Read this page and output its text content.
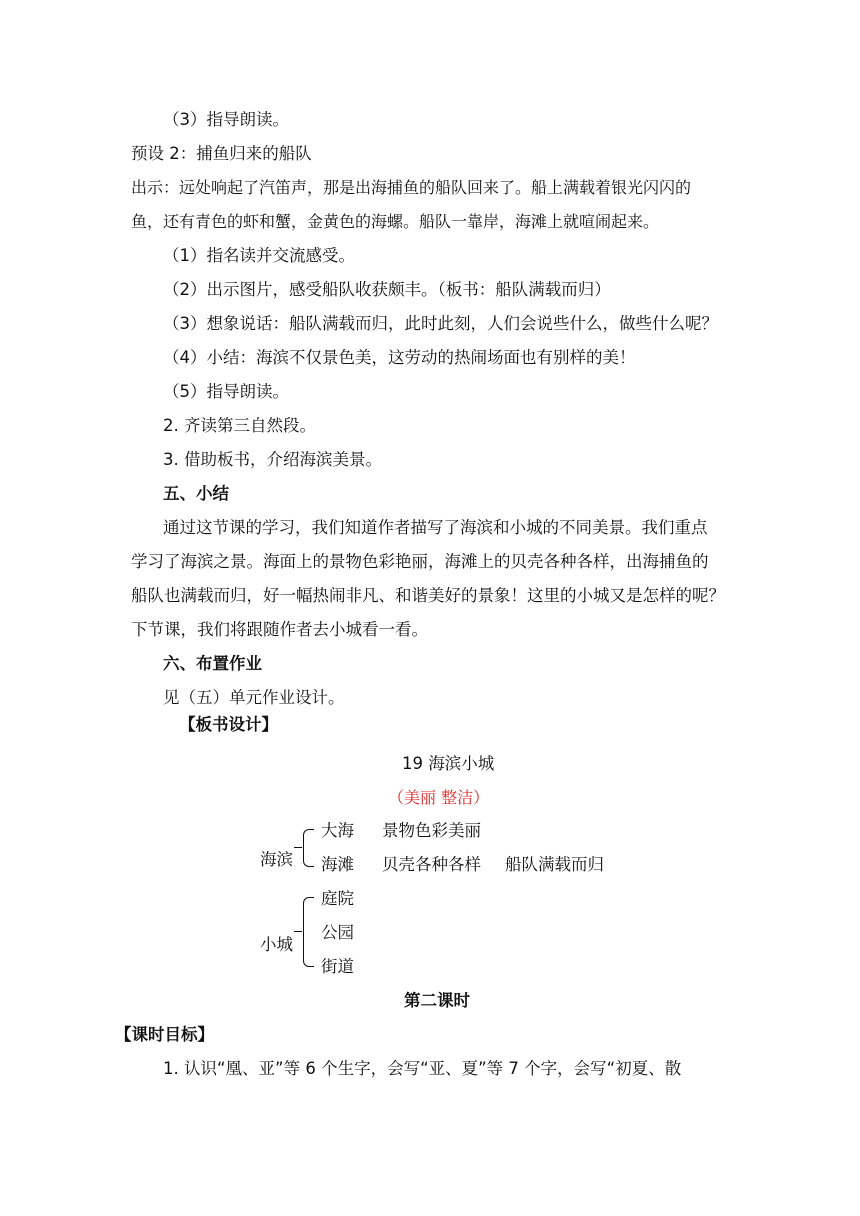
（3）指导朗读。
预设 2：捕鱼归来的船队
出示：远处响起了汽笛声，那是出海捕鱼的船队回来了。船上满载着银光闪闪的
鱼，还有青色的虾和蟹，金黄色的海螺。船队一靠岸，海滩上就喧闹起来。
（1）指名读并交流感受。
（2）出示图片，感受船队收获颇丰。（板书：船队满载而归）
（3）想象说话：船队满载而归，此时此刻，人们会说些什么，做些什么呢？
（4）小结：海滨不仅景色美，这劳动的热闹场面也有别样的美！
（5）指导朗读。
2. 齐读第三自然段。
3. 借助板书，介绍海滨美景。
五、小结
通过这节课的学习，我们知道作者描写了海滨和小城的不同美景。我们重点
学习了海滨之景。海面上的景物色彩艳丽，海滩上的贝壳各种各样，出海捕鱼的
船队也满载而归，好一幅热闹非凡、和谐美好的景象！这里的小城又是怎样的呢？
下节课，我们将跟随作者去小城看一看。
六、布置作业
见（五）单元作业设计。
【板书设计】
19 海滨小城
（美丽 整洁）
海滨
大海 景物色彩美丽
海滩 贝壳各种各样 船队满载而归
小城
庭院
公园
街道
第二课时
【课时目标】
1. 认识“凰、亚”等 6 个生字，会写“亚、夏”等 7 个字，会写“初夏、散
